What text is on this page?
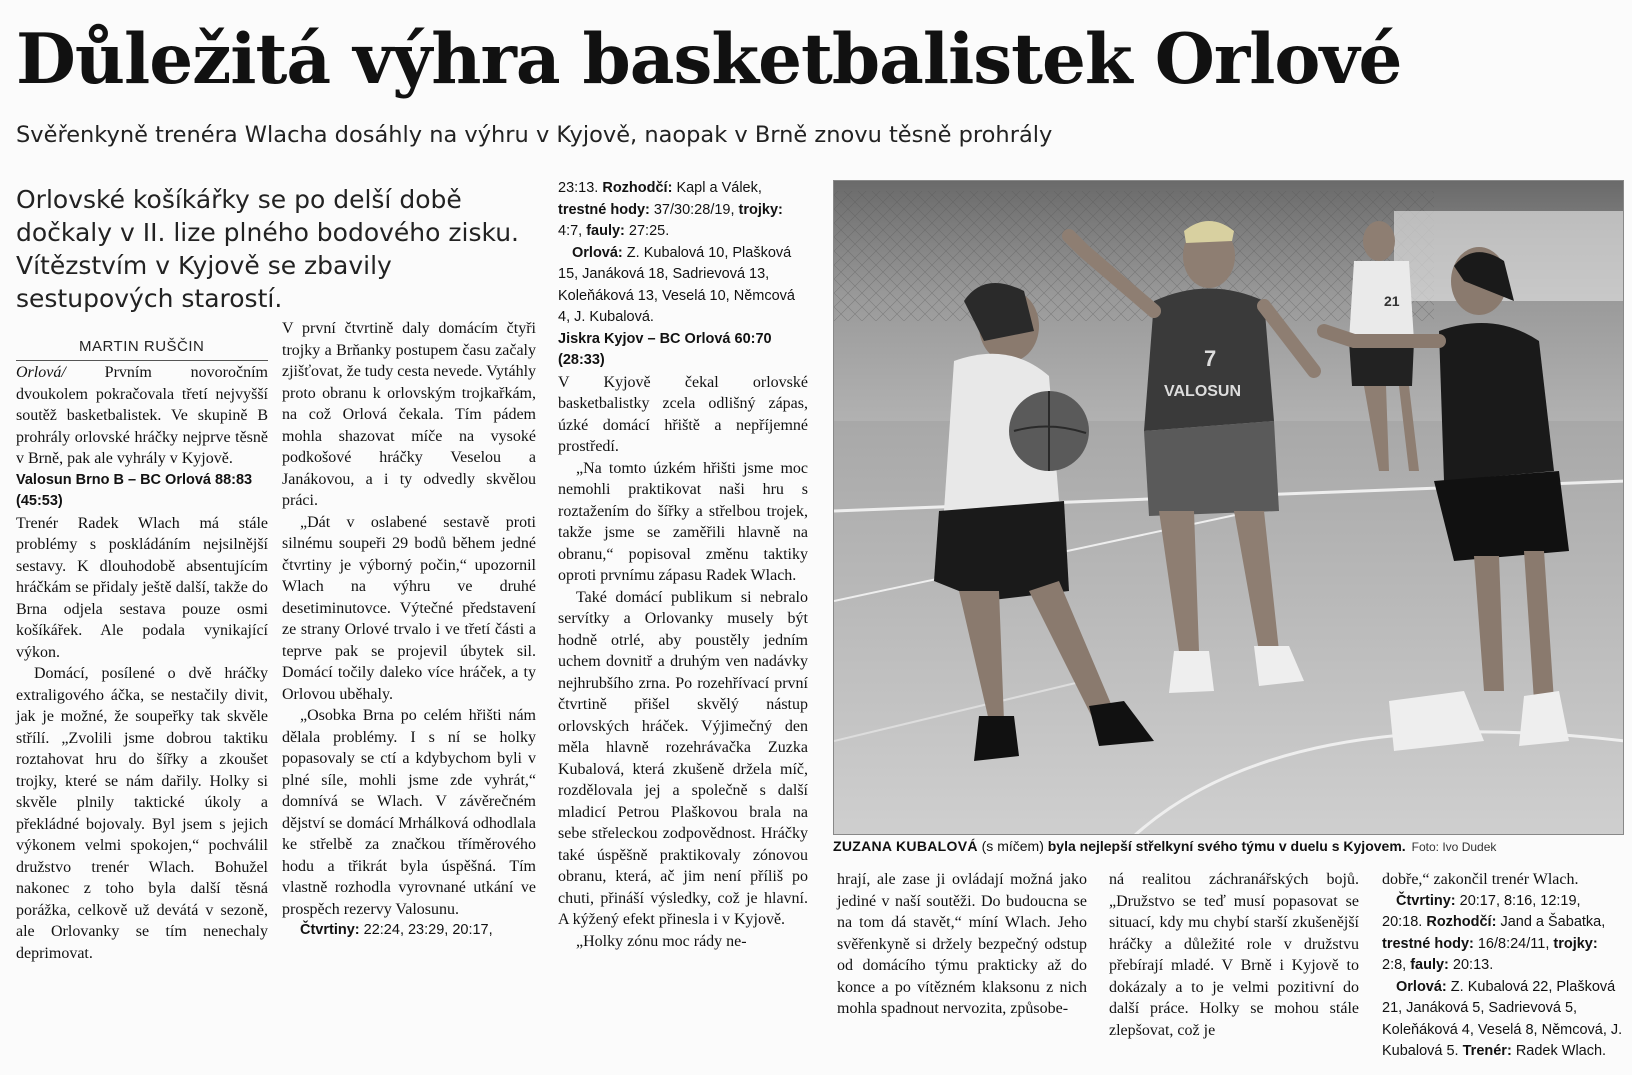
Důležitá výhra basketbalistek Orlové
Svěřenkyně trenéra Wlacha dosáhly na výhru v Kyjově, naopak v Brně znovu těsně prohrály

Orlovské košíkářky se po delší době dočkaly v II. lize plného bodového zisku. Vítězstvím v Kyjově se zbavily sestupových starostí.

MARTIN RUŠČIN

Orlová/ Prvním novoročním dvoukolem pokračovala třetí nejvyšší soutěž basketbalistek. Ve skupině B prohrály orlovské hráčky nejprve těsně v Brně, pak ale vyhrály v Kyjově.

Valosun Brno B – BC Orlová 88:83 (45:53)

Trenér Radek Wlach má stále problémy s poskládáním nejsilnější sestavy. K dlouhodobě absentujícím hráčkám se přidaly ještě další, takže do Brna odjela sestava pouze osmi košíkářek. Ale podala vynikající výkon.

Domácí, posílené o dvě hráčky extraligového áčka, se nestačily divit, jak je možné, že soupeřky tak skvěle střílí. „Zvolili jsme dobrou taktiku roztahovat hru do šířky a zkoušet trojky, které se nám dařily. Holky si skvěle plnily taktické úkoly a překládné bojovaly. Byl jsem s jejich výkonem velmi spokojen,“ pochválil družstvo trenér Wlach. Bohužel nakonec z toho byla další těsná porážka, celkově už devátá v sezoně, ale Orlovanky se tím nenechaly deprimovat.

V první čtvrtině daly domácím čtyři trojky a Brňanky postupem času začaly zjišťovat, že tudy cesta nevede. Vytáhly proto obranu k orlovským trojkařkám, na což Orlová čekala. Tím pádem mohla shazovat míče na vysoké podkošové hráčky Veselou a Janákovou, a i ty odvedly skvělou práci.

„Dát v oslabené sestavě proti silnému soupeři 29 bodů během jedné čtvrtiny je výborný počin,“ upozornil Wlach na výhru ve druhé desetiminutovce. Výtečné představení ze strany Orlové trvalo i ve třetí části a teprve pak se projevil úbytek sil. Domácí točily daleko více hráček, a ty Orlovou uběhaly.

„Osobka Brna po celém hřišti nám dělala problémy. I s ní se holky popasovaly se ctí a kdybychom byli v plné síle, mohli jsme zde vyhrát,“ domnívá se Wlach. V závěrečném dějství se domácí Mrhálková odhodlala ke střelbě za značkou tříměrového hodu a třikrát byla úspěšná. Tím vlastně rozhodla vyrovnané utkání ve prospěch rezervy Valosunu.

Čtvrtiny: 22:24, 23:29, 20:17,

23:13. Rozhodčí: Kapl a Válek, trestné hody: 37/30:28/19, trojky: 4:7, fauly: 27:25.

Orlová: Z. Kubalová 10, Plašková 15, Janáková 18, Sadrievová 13, Koleňáková 13, Veselá 10, Němcová 4, J. Kubalová.

Jiskra Kyjov – BC Orlová 60:70 (28:33)

V Kyjově čekal orlovské basketbalistky zcela odlišný zápas, úzké domácí hřiště a nepříjemné prostředí.

„Na tomto úzkém hřišti jsme moc nemohli praktikovat naši hru s roztažením do šířky a střelbou trojek, takže jsme se zaměřili hlavně na obranu,“ popisoval změnu taktiky oproti prvnímu zápasu Radek Wlach.

Také domácí publikum si nebralo servítky a Orlovanky musely být hodně otrlé, aby poustěly jedním uchem dovnitř a druhým ven nadávky nejhrubšího zrna. Po rozehřívací první čtvrtině přišel skvělý nástup orlovských hráček. Výjimečný den měla hlavně rozehrávačka Zuzka Kubalová, která zkušeně držela míč, rozdělovala jej a společně s další mladicí Petrou Plaškovou brala na sebe střeleckou zodpovědnost. Hráčky také úspěšně praktikovaly zónovou obranu, která, ač jim není příliš po chuti, přináší výsledky, což je hlavní. A kýžený efekt přinesla i v Kyjově.

„Holky zónu moc rády ne-

7
VALOSUN
21
ZUZANA KUBALOVÁ (s míčem) byla nejlepší střelkyní svého týmu v duelu s Kyjovem. Foto: Ivo Dudek

hrají, ale zase ji ovládají možná jako jediné v naší soutěži. Do budoucna se na tom dá stavět,“ míní Wlach. Jeho svěřenkyně si držely bezpečný odstup od domácího týmu prakticky až do konce a po vítězném klaksonu z nich mohla spadnout nervozita, způsobe-

ná realitou záchranářských bojů. „Družstvo se teď musí popasovat se situací, kdy mu chybí starší zkušenější hráčky a důležité role v družstvu přebírají mladé. V Brně i Kyjově to dokázaly a to je velmi pozitivní do další práce. Holky se mohou stále zlepšovat, což je

dobře,“ zakončil trenér Wlach.

Čtvrtiny: 20:17, 8:16, 12:19, 20:18. Rozhodčí: Jand a Šabatka, trestné hody: 16/8:24/11, trojky: 2:8, fauly: 20:13.

Orlová: Z. Kubalová 22, Plašková 21, Janáková 5, Sadrievová 5, Koleňáková 4, Veselá 8, Němcová, J. Kubalová 5. Trenér: Radek Wlach.
